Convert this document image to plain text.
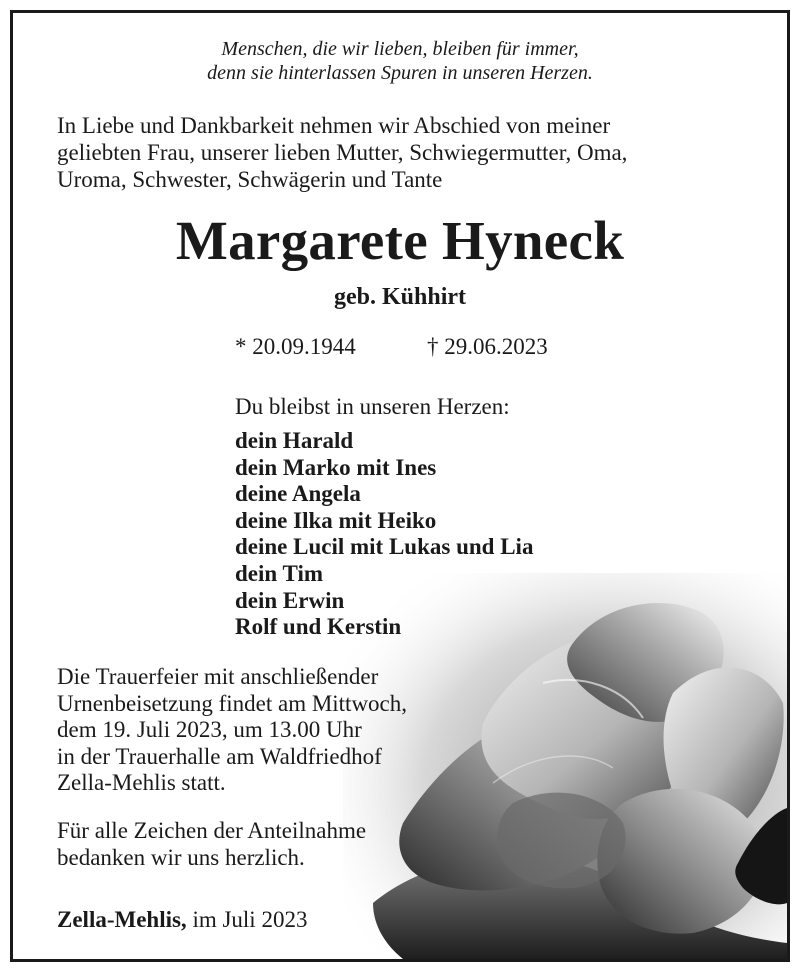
Menschen, die wir lieben, bleiben für immer,
denn sie hinterlassen Spuren in unseren Herzen.
In Liebe und Dankbarkeit nehmen wir Abschied von meiner
geliebten Frau, unserer lieben Mutter, Schwiegermutter, Oma,
Uroma, Schwester, Schwägerin und Tante
Margarete Hyneck
geb. Kühhirt
* 20.09.1944	† 29.06.2023
Du bleibst in unseren Herzen:
dein Harald
dein Marko mit Ines
deine Angela
deine Ilka mit Heiko
deine Lucil mit Lukas und Lia
dein Tim
dein Erwin
Rolf und Kerstin
Die Trauerfeier mit anschließender
Urnenbeisetzung findet am Mittwoch,
dem 19. Juli 2023, um 13.00 Uhr
in der Trauerhalle am Waldfriedhof
Zella-Mehlis statt.
Für alle Zeichen der Anteilnahme
bedanken wir uns herzlich.
Zella-Mehlis, im Juli 2023
